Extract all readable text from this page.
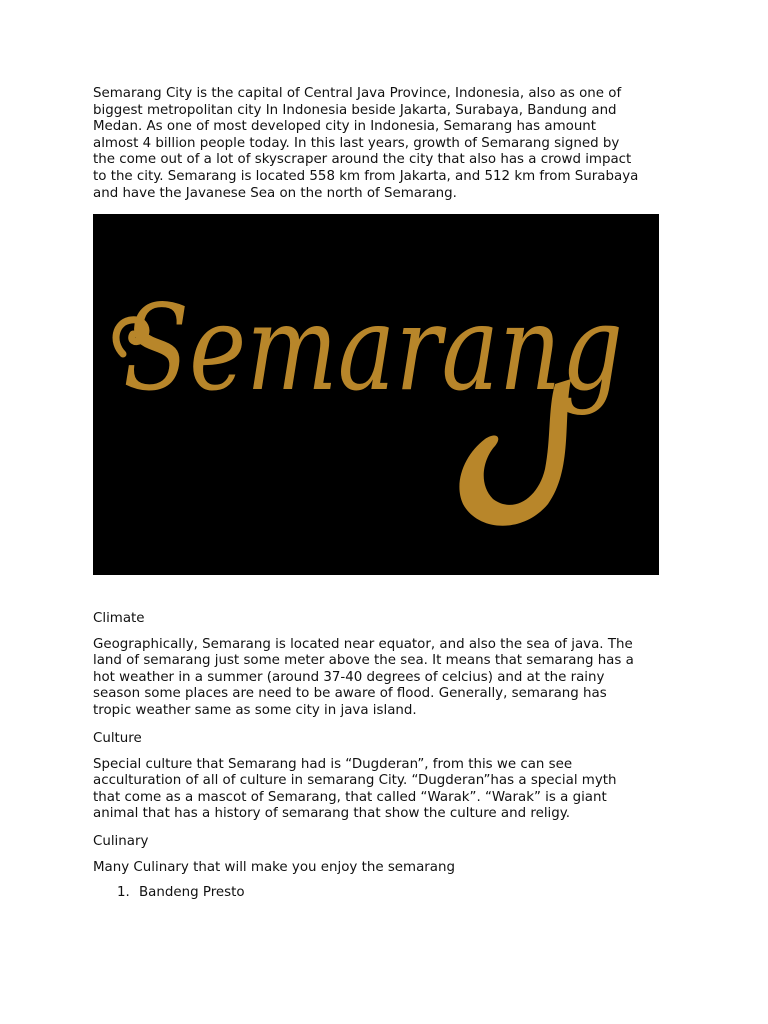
Semarang City is the capital of Central Java Province, Indonesia, also as one of
biggest metropolitan city In Indonesia beside Jakarta, Surabaya, Bandung and
Medan. As one of most developed city in Indonesia, Semarang has amount
almost 4 billion people today. In this last years, growth of Semarang signed by
the come out of a lot of skyscraper around the city that also has a crowd impact
to the city. Semarang is located 558 km from Jakarta, and 512 km from Surabaya
and have the Javanese Sea on the north of Semarang.

Semarang

Climate

Geographically, Semarang is located near equator, and also the sea of java. The
land of semarang just some meter above the sea. It means that semarang has a
hot weather in a summer (around 37-40 degrees of celcius) and at the rainy
season some places are need to be aware of flood. Generally, semarang has
tropic weather same as some city in java island.

Culture

Special culture that Semarang had is “Dugderan”, from this we can see
acculturation of all of culture in semarang City. “Dugderan”has a special myth
that come as a mascot of Semarang, that called “Warak”. “Warak” is a giant
animal that has a history of semarang that show the culture and religy.

Culinary

Many Culinary that will make you enjoy the semarang

1. Bandeng Presto
